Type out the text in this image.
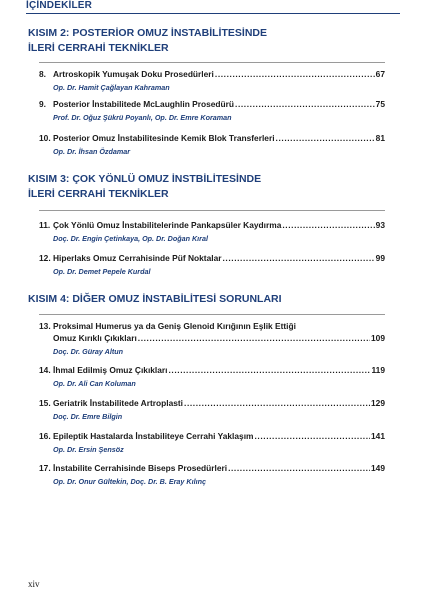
İÇİNDEKİLER
KISIM 2: POSTERİOR OMUZ İNSTABİLİTESİNDE
İLERİ CERRAHİ TEKNİKLER
8. Artroskopik Yumuşak Doku Prosedürleri .....	67
Op. Dr. Hamit Çağlayan Kahraman
9. Posterior İnstabilitede McLaughlin Prosedürü .....	75
Prof. Dr. Oğuz Şükrü Poyanlı, Op. Dr. Emre Koraman
10. Posterior Omuz İnstabilitesinde Kemik Blok Transferleri .....	81
Op. Dr. İhsan Özdamar
KISIM 3: ÇOK YÖNLÜ OMUZ İNSTBİLİTESİNDE
İLERİ CERRAHİ TEKNİKLER
11. Çok Yönlü Omuz İnstabilitelerinde Pankapsüler Kaydırma .....	93
Doç. Dr. Engin Çetinkaya, Op. Dr. Doğan Kıral
12. Hiperlaks Omuz Cerrahisinde Püf Noktalar .....	99
Op. Dr. Demet Pepele Kurdal
KISIM 4: DİĞER OMUZ İNSTABİLİTESİ SORUNLARI
13. Proksimal Humerus ya da Geniş Glenoid Kırığının Eşlik Ettiği
Omuz Kırıklı Çıkıkları .....	109
Doç. Dr. Güray Altun
14. İhmal Edilmiş Omuz Çıkıkları .....	119
Op. Dr. Ali Can Koluman
15. Geriatrik İnstabilitede Artroplasti .....	129
Doç. Dr. Emre Bilgin
16. Epileptik Hastalarda İnstabiliteye Cerrahi Yaklaşım .....	141
Op. Dr. Ersin Şensöz
17. İnstabilite Cerrahisinde Biseps Prosedürleri .....	149
Op. Dr. Onur Gültekin, Doç. Dr. B. Eray Kılınç
xiv
